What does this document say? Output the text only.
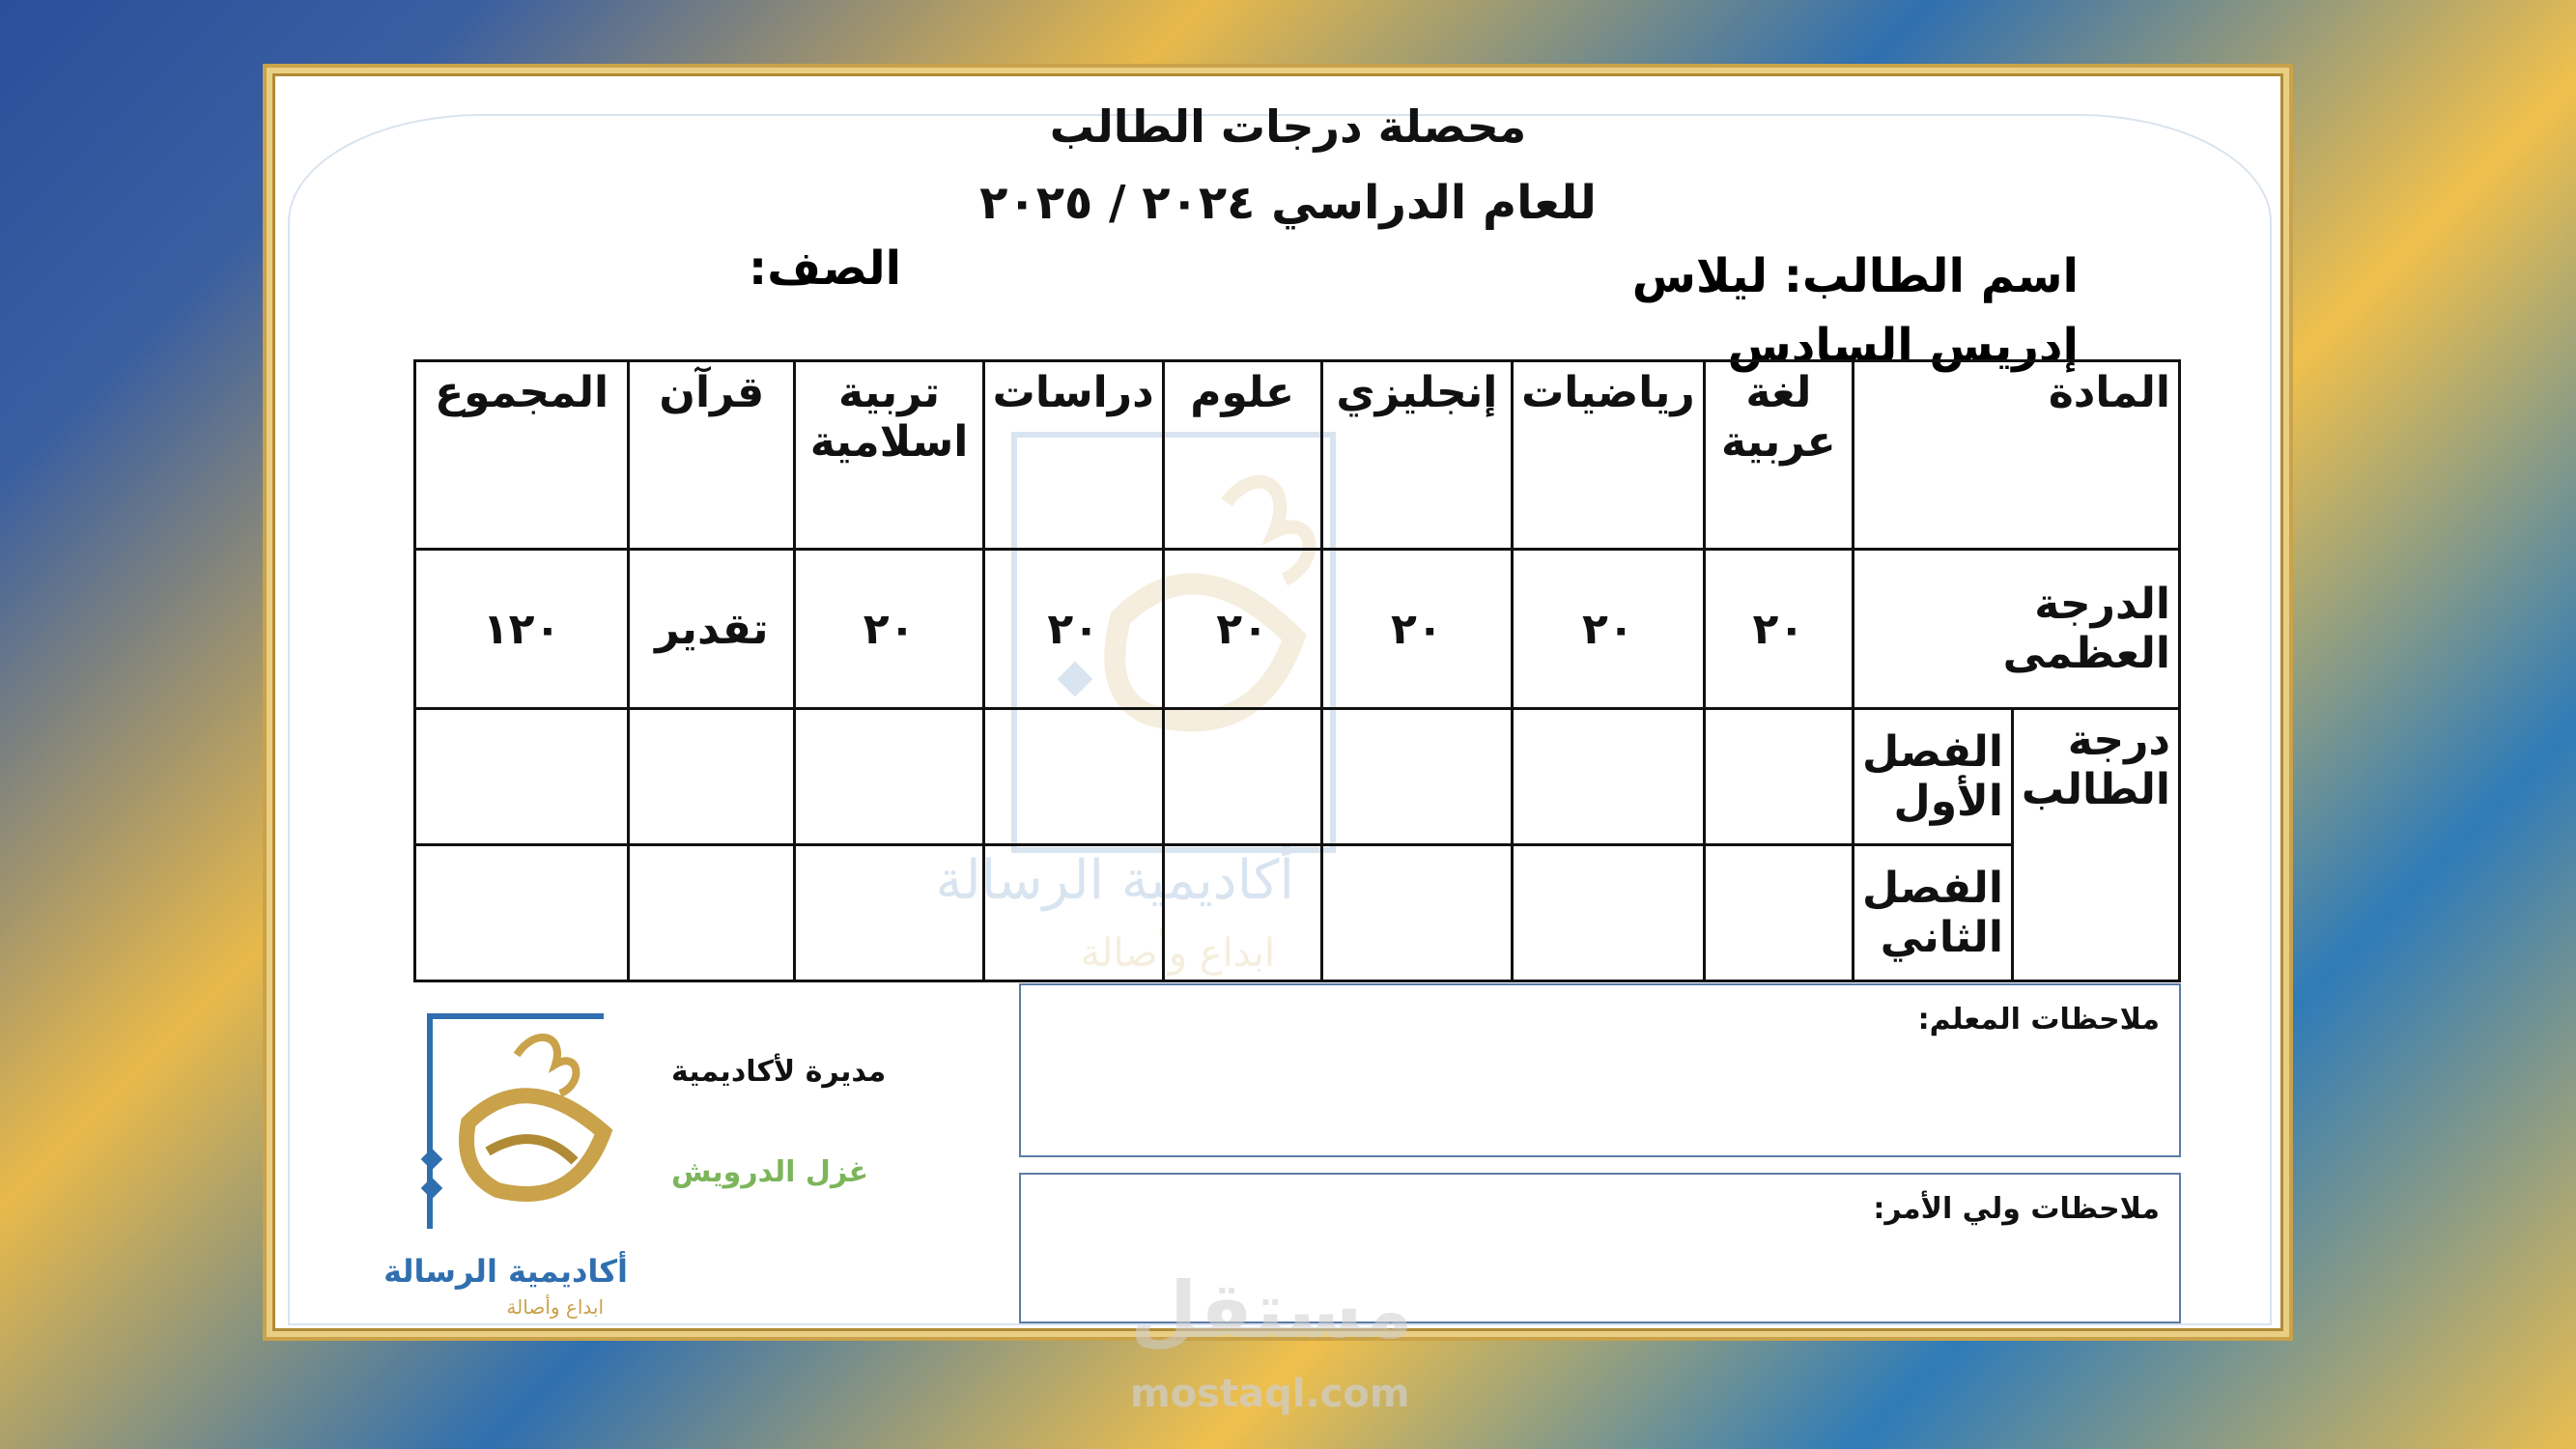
أكاديمية الرسالة
ابداع وأصالة
محصلة درجات الطالب
للعام الدراسي ٢٠٢٤ / ٢٠٢٥
اسم الطالب: ليلاس إدريس السادس
الصف:
المادة		لغة عربية	رياضيات	إنجليزي	علوم	دراسات	تربية اسلامية	قرآن	المجموع
الدرجة العظمى		٢٠	٢٠	٢٠	٢٠	٢٠	٢٠	تقدير	١٢٠
درجة الطالب	الفصل الأول								
	الفصل الثاني								
ملاحظات المعلم:
ملاحظات ولي الأمر:
أكاديمية الرسالة
ابداع وأصالة
مديرة لأكاديمية
غزل الدرويش
مستقل
mostaql.com
